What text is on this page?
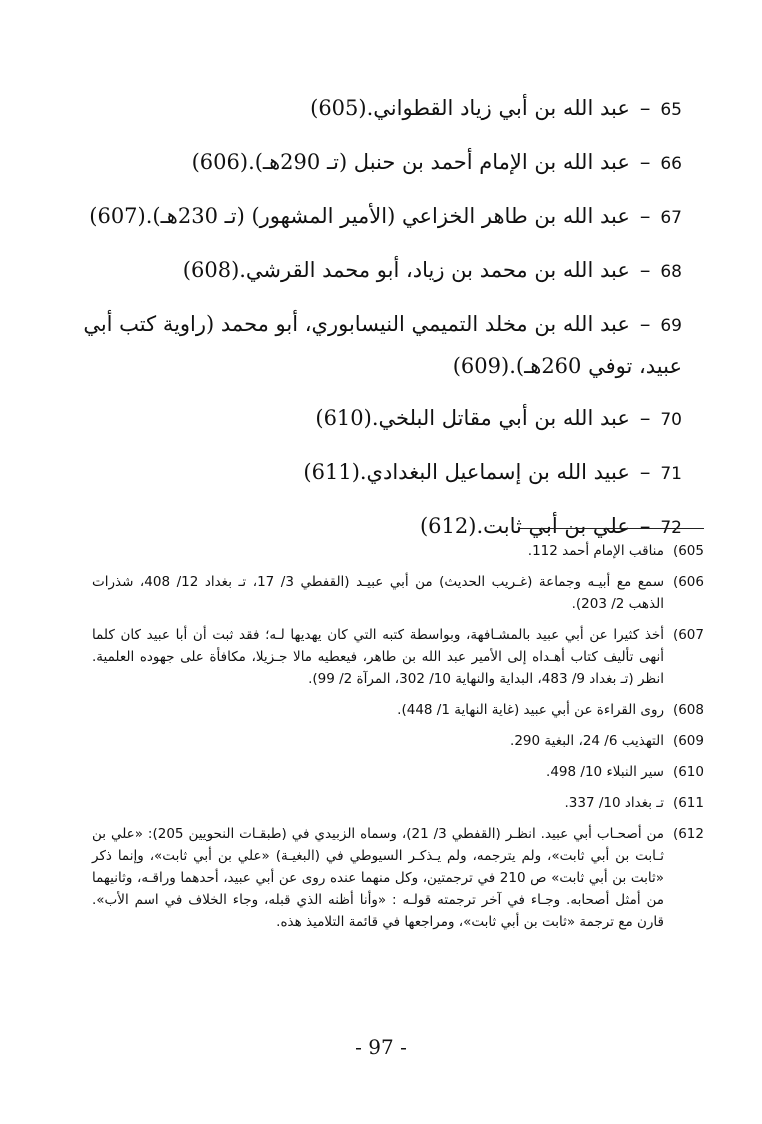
65–عبد الله بن أبي زياد القطواني.(605)

66–عبد الله بن الإمام أحمد بن حنبل (تـ 290هـ).(606)

67–عبد الله بن طاهر الخزاعي (الأمير المشهور) (تـ 230هـ).(607)

68–عبد الله بن محمد بن زياد، أبو محمد القرشي.(608)

69–عبد الله بن مخلد التميمي النيسابوري، أبو محمد (راوية كتب أبي عبيد، توفي 260هـ).(609)

70–عبد الله بن أبي مقاتل البلخي.(610)

71–عبيد الله بن إسماعيل البغدادي.(611)

72–علي بن أبي ثابت.(612)

605)
مناقب الإمام أحمد 112.

606)
سمع مع أبيـه وجماعة (غـريب الحديث) من أبي عبيـد (القفطي 3/ 17، تـ بغداد 12/ 408، شذرات الذهب 2/ 203).

607)
أخذ كثيرا عن أبي عبيد بالمشـافهة، وبواسطة كتبه التي كان يهديها لـه؛ فقد ثبت أن أبا عبيد كان كلما أنهى تأليف كتاب أهـداه إلى الأمير عبد الله بن طاهر، فيعطيه مالا جـزيلا، مكافأة على جهوده العلمية. انظر (تـ بغداد 9/ 483، البداية والنهاية 10/ 302، المرآة 2/ 99).

608)
روى القراءة عن أبي عبيد (غاية النهاية 1/ 448).

609)
التهذيب 6/ 24، البغية 290.

610)
سير النبلاء 10/ 498.

611)
تـ بغداد 10/ 337.

612)
من أصحـاب أبي عبيد. انظـر (القفطي 3/ 21)، وسماه الزبيدي في (طبقـات النحويين 205): «علي بن ثـابت بن أبي ثابت»، ولم يترجمه، ولم يـذكـر السيوطي في (البغيـة) «علي بن أبي ثابت»، وإنما ذكر «ثابت بن أبي ثابت» ص 210 في ترجمتين، وكل منهما عنده روى عن أبي عبيد، أحدهما وراقـه، وثانيهما من أمثل أصحابه. وجـاء في آخر ترجمته قولـه : «وأنا أظنه الذي قبله، وجاء الخلاف في اسم الأب». قارن مع ترجمة «ثابت بن أبي ثابت»، ومراجعها في قائمة التلاميذ هذه.

- 97 -
